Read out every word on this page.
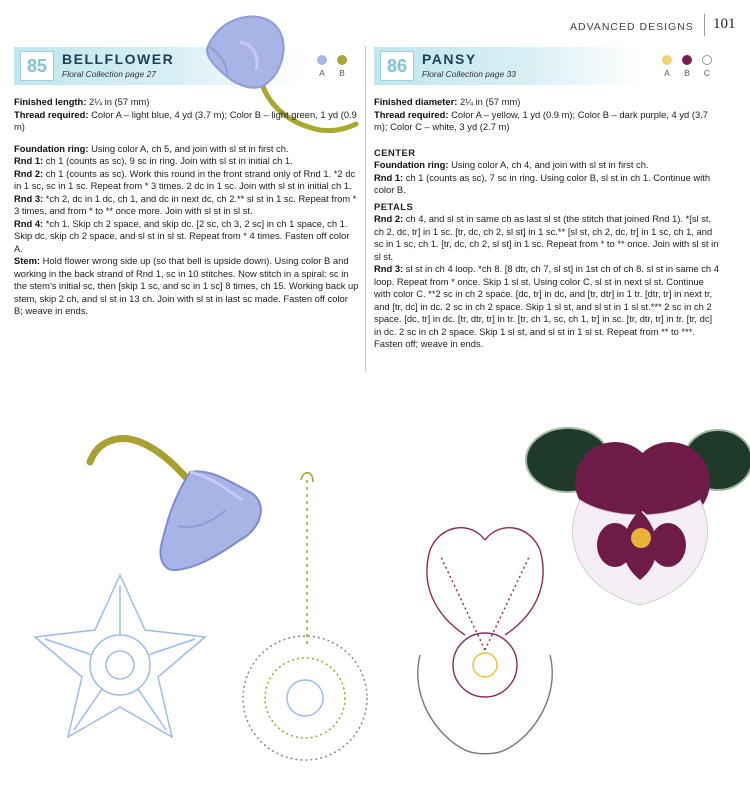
ADVANCED DESIGNS 101
85	BELLFLOWER
Floral Collection page 27	A B

Finished length: 2¼ in (57 mm)

Thread required: Color A – light blue, 4 yd (3.7 m); Color B – light green, 1 yd (0.9 m)

Foundation ring: Using color A, ch 5, and join with sl st in first ch.

Rnd 1: ch 1 (counts as sc), 9 sc in ring. Join with sl st in initial ch 1.

Rnd 2: ch 1 (counts as sc). Work this round in the front strand only of Rnd 1. *2 dc in 1 sc, sc in 1 sc. Repeat from * 3 times. 2 dc in 1 sc. Join with sl st in initial ch 1.

Rnd 3: *ch 2, dc in 1 dc, ch 1, and dc in next dc, ch 2.** sl st in 1 sc. Repeat from * 3 times, and from * to ** once more. Join with sl st in sl st.

Rnd 4: *ch 1. Skip ch 2 space, and skip dc. [2 sc, ch 3, 2 sc] in ch 1 space, ch 1. Skip dc, skip ch 2 space, and sl st in sl st. Repeat from * 4 times. Fasten off color A.

Stem: Hold flower wrong side up (so that bell is upside down). Using color B and working in the back strand of Rnd 1, sc in 10 stitches. Now stitch in a spiral: sc in the stem's initial sc, then [skip 1 sc, and sc in 1 sc] 8 times, ch 15. Working back up stem, skip 2 ch, and sl st in 13 ch. Join with sl st in last sc made. Fasten off color B; weave in ends.

86	PANSY
Floral Collection page 33	A B C

Finished diameter: 2¼ in (57 mm)

Thread required: Color A – yellow, 1 yd (0.9 m); Color B – dark purple, 4 yd (3.7 m); Color C – white, 3 yd (2.7 m)

CENTER

Foundation ring: Using color A, ch 4, and join with sl st in first ch.

Rnd 1: ch 1 (counts as sc), 7 sc in ring. Using color B, sl st in ch 1. Continue with color B.

PETALS

Rnd 2: ch 4, and sl st in same ch as last sl st (the stitch that joined Rnd 1). *[sl st, ch 2, dc, tr] in 1 sc. [tr, dc, ch 2, sl st] in 1 sc.** [sl st, ch 2, dc, tr] in 1 sc, ch 1, and sc in 1 sc, ch 1. [tr, dc, ch 2, sl st] in 1 sc. Repeat from * to ** once. Join with sl st in sl st.

Rnd 3: sl st in ch 4 loop. *ch 8. [8 dtr, ch 7, sl st] in 1st ch of ch 8. sl st in same ch 4 loop. Repeat from * once. Skip 1 sl st. Using color C, sl st in next sl st. Continue with color C. **2 sc in ch 2 space. [dc, tr] in dc, and [tr, dtr] in 1 tr. [dtr, tr] in next tr, and [tr, dc] in dc. 2 sc in ch 2 space. Skip 1 sl st, and sl st in 1 sl st.*** 2 sc in ch 2 space. [dc, tr] in dc. [tr, dtr, tr] in tr. [tr, ch 1, sc, ch 1, tr] in sc. [tr, dtr, tr] in tr. [tr, dc] in dc. 2 sc in ch 2 space. Skip 1 sl st, and sl st in 1 sl st. Repeat from ** to ***. Fasten off; weave in ends.
